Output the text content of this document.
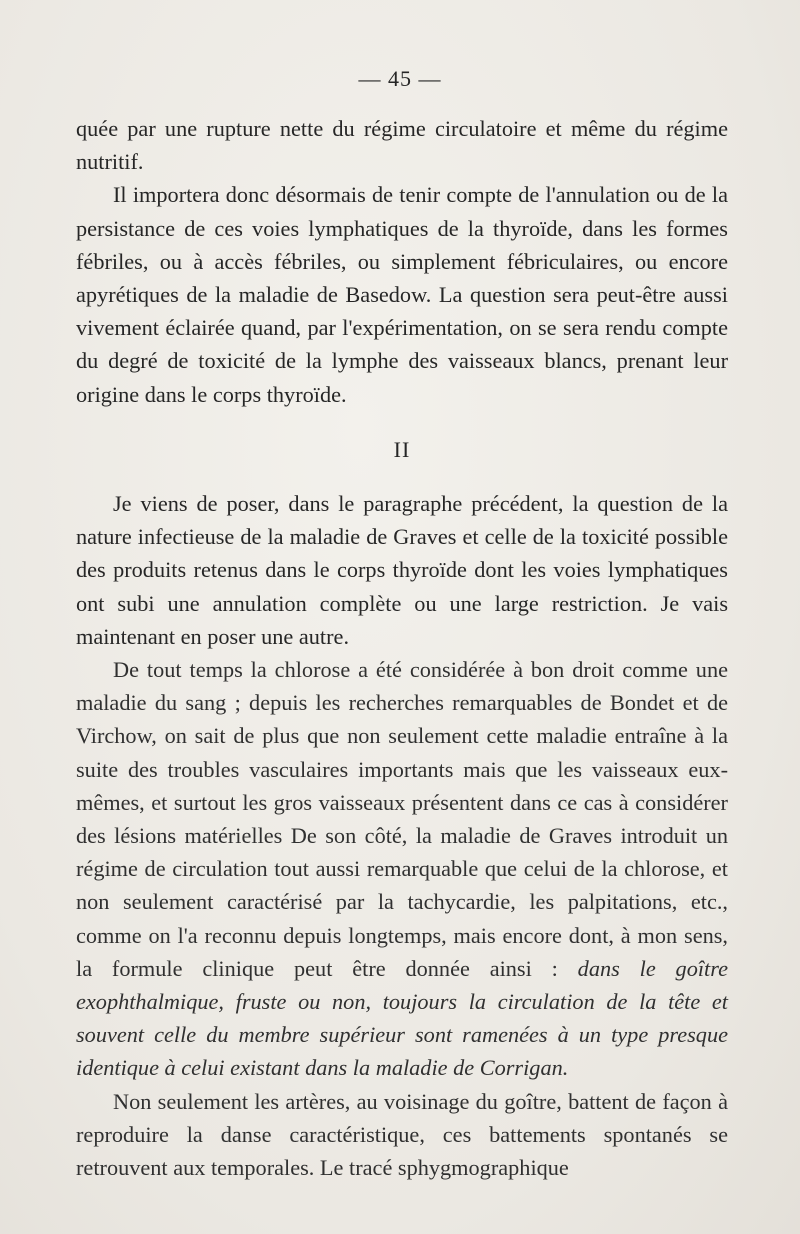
— 45 —

quée par une rupture nette du régime circulatoire et même du régime nutritif.

Il importera donc désormais de tenir compte de l'annulation ou de la persistance de ces voies lymphatiques de la thyroïde, dans les formes fébriles, ou à accès fébriles, ou simplement fébriculaires, ou encore apyrétiques de la maladie de Basedow. La question sera peut-être aussi vivement éclairée quand, par l'expérimentation, on se sera rendu compte du degré de toxicité de la lymphe des vaisseaux blancs, prenant leur origine dans le corps thyroïde.

II

Je viens de poser, dans le paragraphe précédent, la question de la nature infectieuse de la maladie de Graves et celle de la toxicité possible des produits retenus dans le corps thyroïde dont les voies lymphatiques ont subi une annulation complète ou une large restriction. Je vais maintenant en poser une autre.

De tout temps la chlorose a été considérée à bon droit comme une maladie du sang ; depuis les recherches remarquables de Bondet et de Virchow, on sait de plus que non seulement cette maladie entraîne à la suite des troubles vasculaires importants mais que les vaisseaux eux-mêmes, et surtout les gros vaisseaux présentent dans ce cas à considérer des lésions matérielles De son côté, la maladie de Graves introduit un régime de circulation tout aussi remarquable que celui de la chlorose, et non seulement caractérisé par la tachycardie, les palpitations, etc., comme on l'a reconnu depuis longtemps, mais encore dont, à mon sens, la formule clinique peut être donnée ainsi : dans le goître exophthalmique, fruste ou non, toujours la circulation de la tête et souvent celle du membre supérieur sont ramenées à un type presque identique à celui existant dans la maladie de Corrigan.

Non seulement les artères, au voisinage du goître, battent de façon à reproduire la danse caractéristique, ces battements spontanés se retrouvent aux temporales. Le tracé sphygmographique
